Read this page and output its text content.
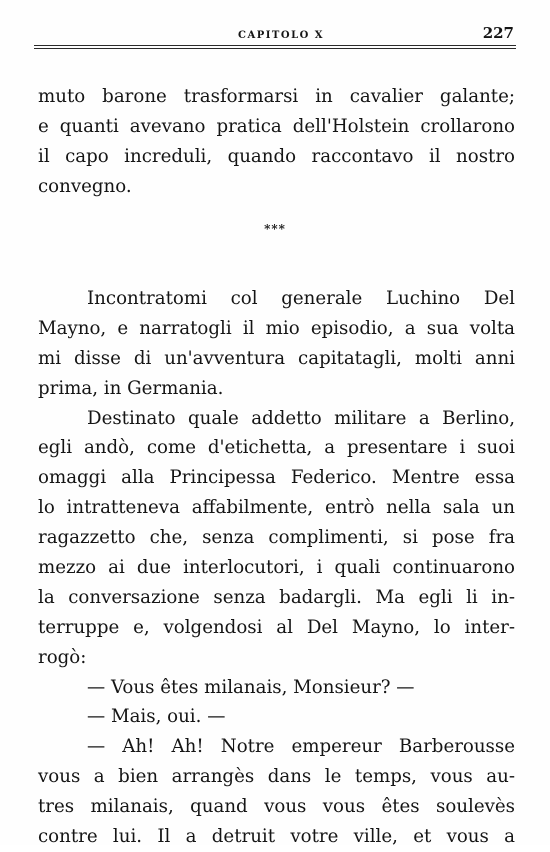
CAPITOLO X	227
muto barone trasformarsi in cavalier galante;
e quanti avevano pratica dell'Holstein crollarono
il capo increduli, quando raccontavo il nostro
convegno.
***
Incontratomi col generale Luchino Del
Mayno, e narratogli il mio episodio, a sua volta
mi disse di un'avventura capitatagli, molti anni
prima, in Germania.
Destinato quale addetto militare a Berlino,
egli andò, come d'etichetta, a presentare i suoi
omaggi alla Principessa Federico. Mentre essa
lo intratteneva affabilmente, entrò nella sala un
ragazzetto che, senza complimenti, si pose fra
mezzo ai due interlocutori, i quali continuarono
la conversazione senza badargli. Ma egli li in-
terruppe e, volgendosi al Del Mayno, lo inter-
rogò:
— Vous êtes milanais, Monsieur? —
— Mais, oui. —
— Ah! Ah! Notre empereur Barberousse
vous a bien arrangès dans le temps, vous au-
tres milanais, quand vous vous êtes soulevès
contre lui. Il a detruit votre ville, et vous a
